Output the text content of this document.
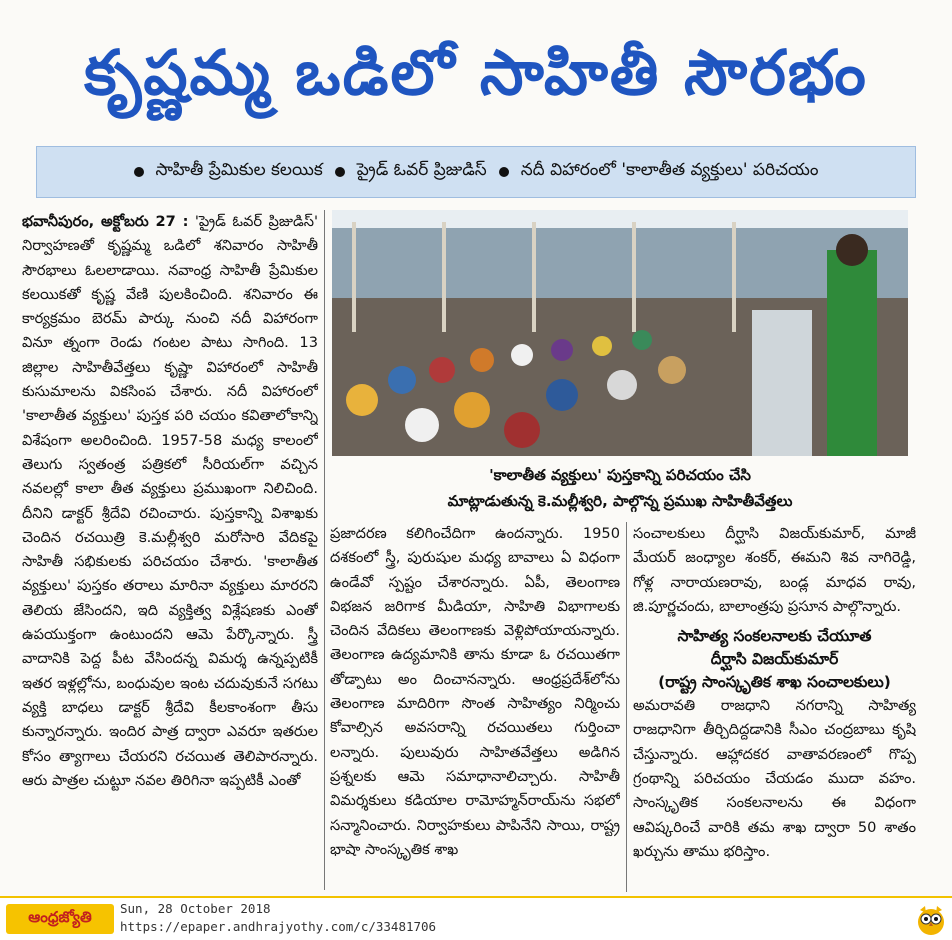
కృష్ణమ్మ ఒడిలో సాహితీ సౌరభం
సాహితీ ప్రేమికుల కలయిక ప్రైడ్ ఓవర్ ప్రిజుడిస్ నదీ విహారంలో 'కాలాతీత వ్యక్తులు' పరిచయం
భవానీపురం, అక్టోబరు 27 : 'ప్రైడ్ ఓవర్ ప్రిజుడిస్' నిర్వాహణతో కృష్ణమ్మ ఒడిలో శనివారం సాహితీ సౌరభాలు ఓలలాడాయి. నవాంధ్ర సాహితీ ప్రేమికుల కలయికతో కృష్ణ వేణి పులకించింది. శనివారం ఈ కార్యక్రమం బెరమ్ పార్కు నుంచి నదీ విహారంగా వినూ త్నంగా రెండు గంటల పాటు సాగింది. 13 జిల్లాల సాహితీవేత్తలు కృష్ణా విహారంలో సాహితీ కుసుమాలను వికసింప చేశారు. నదీ విహారంలో 'కాలాతీత వ్యక్తులు' పుస్తక పరి చయం కవితాలోకాన్ని విశేషంగా అలరించింది. 1957-58 మధ్య కాలంలో తెలుగు స్వతంత్ర పత్రికలో సీరియల్‌గా వచ్చిన నవలల్లో కాలా తీత వ్యక్తులు ప్రముఖంగా నిలిచింది. దీనిని డాక్టర్ శ్రీదేవి రచించారు. పుస్తకాన్ని విశాఖకు చెందిన రచయిత్రి కె.మల్లీశ్వరి మరోసారి వేదికపై సాహితీ సభికులకు పరిచయం చేశారు. 'కాలాతీత వ్యక్తులు' పుస్తకం తరాలు మారినా వ్యక్తులు మారరని తెలియ జేసిందని, ఇది వ్యక్తిత్వ విశ్లేషణకు ఎంతో ఉపయుక్తంగా ఉంటుందని ఆమె పేర్కొన్నారు. స్త్రీ వాదానికి పెద్ద పీట వేసిందన్న విమర్శ ఉన్నప్పటికీ ఇతర ఇళ్లల్లోను, బంధువుల ఇంట చదువుకునే సగటు వ్యక్తి బాధలు డాక్టర్ శ్రీదేవి కీలకాంశంగా తీసు కున్నారన్నారు. ఇందిర పాత్ర ద్వారా ఎవరూ ఇతరుల కోసం త్యాగాలు చేయరని రచయిత తెలిపారన్నారు. ఆరు పాత్రల చుట్టూ నవల తిరిగినా ఇప్పటికీ ఎంతో
'కాలాతీత వ్యక్తులు' పుస్తకాన్ని పరిచయం చేసి
మాట్లాడుతున్న కె.మల్లీశ్వరి, పాల్గొన్న ప్రముఖ సాహితీవేత్తలు
ప్రజాదరణ కలిగించేదిగా ఉందన్నారు. 1950 దశకంలో స్త్రీ, పురుషుల మధ్య బావాలు ఏ విధంగా ఉండేవో స్పష్టం చేశారన్నారు. ఏపీ, తెలంగాణ విభజన జరిగాక మీడియా, సాహితి విభాగాలకు చెందిన వేదికలు తెలంగాణకు వెళ్లిపోయాయన్నారు. తెలంగాణ ఉద్యమానికి తాను కూడా ఓ రచయితగా తోడ్పాటు అం దించానన్నారు. ఆంధ్రప్రదేశ్‌లోను తెలంగాణ మాదిరిగా సొంత సాహిత్యం నిర్మించు కోవాల్సిన అవసరాన్ని రచయితలు గుర్తించా లన్నారు. పులువురు సాహితవేత్తలు అడిగిన ప్రశ్నలకు ఆమె సమాధానాలిచ్చారు. సాహితీ విమర్శకులు కడియాల రామోహ్మన్‌రాయ్‌ను సభలో సన్మానించారు. నిర్వాహకులు పాపినేని సాయి, రాష్ట్ర భాషా సాంస్కృతిక శాఖ
సంచాలకులు దీర్ఘాసి విజయ్‌కుమార్, మాజీ మేయర్ జంధ్యాల శంకర్, ఈమని శివ నాగిరెడ్డి, గోళ్ల నారాయణరావు, బండ్ల మాధవ రావు, జి.పూర్ణచందు, బాలాంత్రపు ప్రసూన పాల్గొన్నారు.
సాహిత్య సంకలనాలకు చేయూత
దీర్ఘాసి విజయ్‌కుమార్
(రాష్ట్ర సాంస్కృతిక శాఖ సంచాలకులు)
అమరావతి రాజధాని నగరాన్ని సాహిత్య రాజధానిగా తీర్చిదిద్దడానికి సీఎం చంద్రబాబు కృషి చేస్తున్నారు. ఆహ్లాదకర వాతావరణంలో గొప్ప గ్రంథాన్ని పరిచయం చేయడం ముదా వహం. సాంస్కృతిక సంకలనాలను ఈ విధంగా ఆవిష్కరించే వారికి తమ శాఖ ద్వారా 50 శాతం ఖర్చును తాము భరిస్తాం.
ఆంధ్రజ్యోతి	Sun, 28 October 2018
https://epaper.andhrajyothy.com/c/33481706
